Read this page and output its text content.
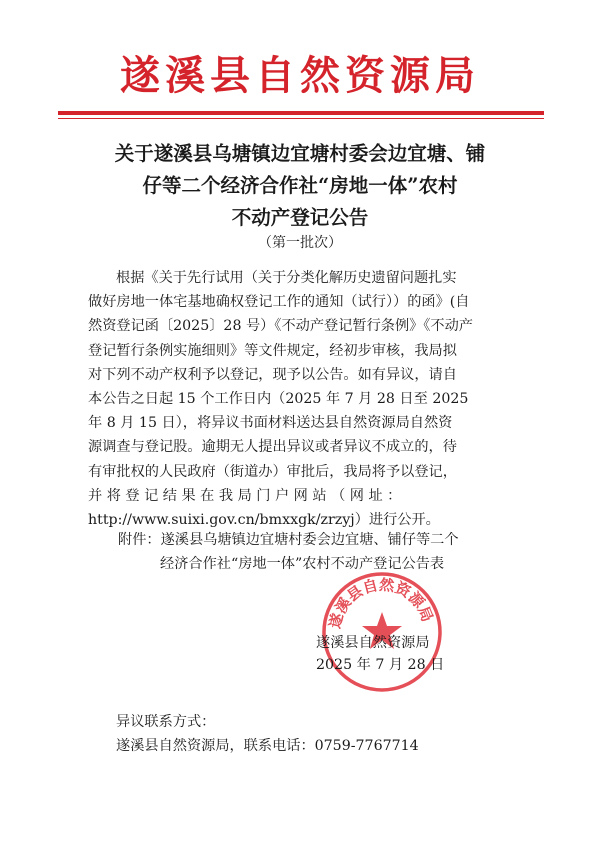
遂溪县自然资源局
关于遂溪县乌塘镇边宜塘村委会边宜塘、铺
仔等二个经济合作社“房地一体”农村
不动产登记公告
（第一批次）
根据《关于先行试用（关于分类化解历史遗留问题扎实
做好房地一体宅基地确权登记工作的通知（试行））的函》(自
然资登记函〔2025〕28 号）《不动产登记暂行条例》《不动产
登记暂行条例实施细则》等文件规定，经初步审核，我局拟
对下列不动产权利予以登记，现予以公告。如有异议，请自
本公告之日起 15 个工作日内（2025 年 7 月 28 日至 2025
年 8 月 15 日），将异议书面材料送达县自然资源局自然资
源调查与登记股。逾期无人提出异议或者异议不成立的，待
有审批权的人民政府（街道办）审批后，我局将予以登记，
并 将 登 记 结 果 在 我 局 门 户 网 站 （ 网 址 ：
http://www.suixi.gov.cn/bmxxgk/zrzyj）进行公开。
附件：遂溪县乌塘镇边宜塘村委会边宜塘、铺仔等二个
经济合作社“房地一体”农村不动产登记公告表
遂溪县自然资源局
遂溪县自然资源局
2025 年 7 月 28 日
异议联系方式：
遂溪县自然资源局，联系电话：0759-7767714
